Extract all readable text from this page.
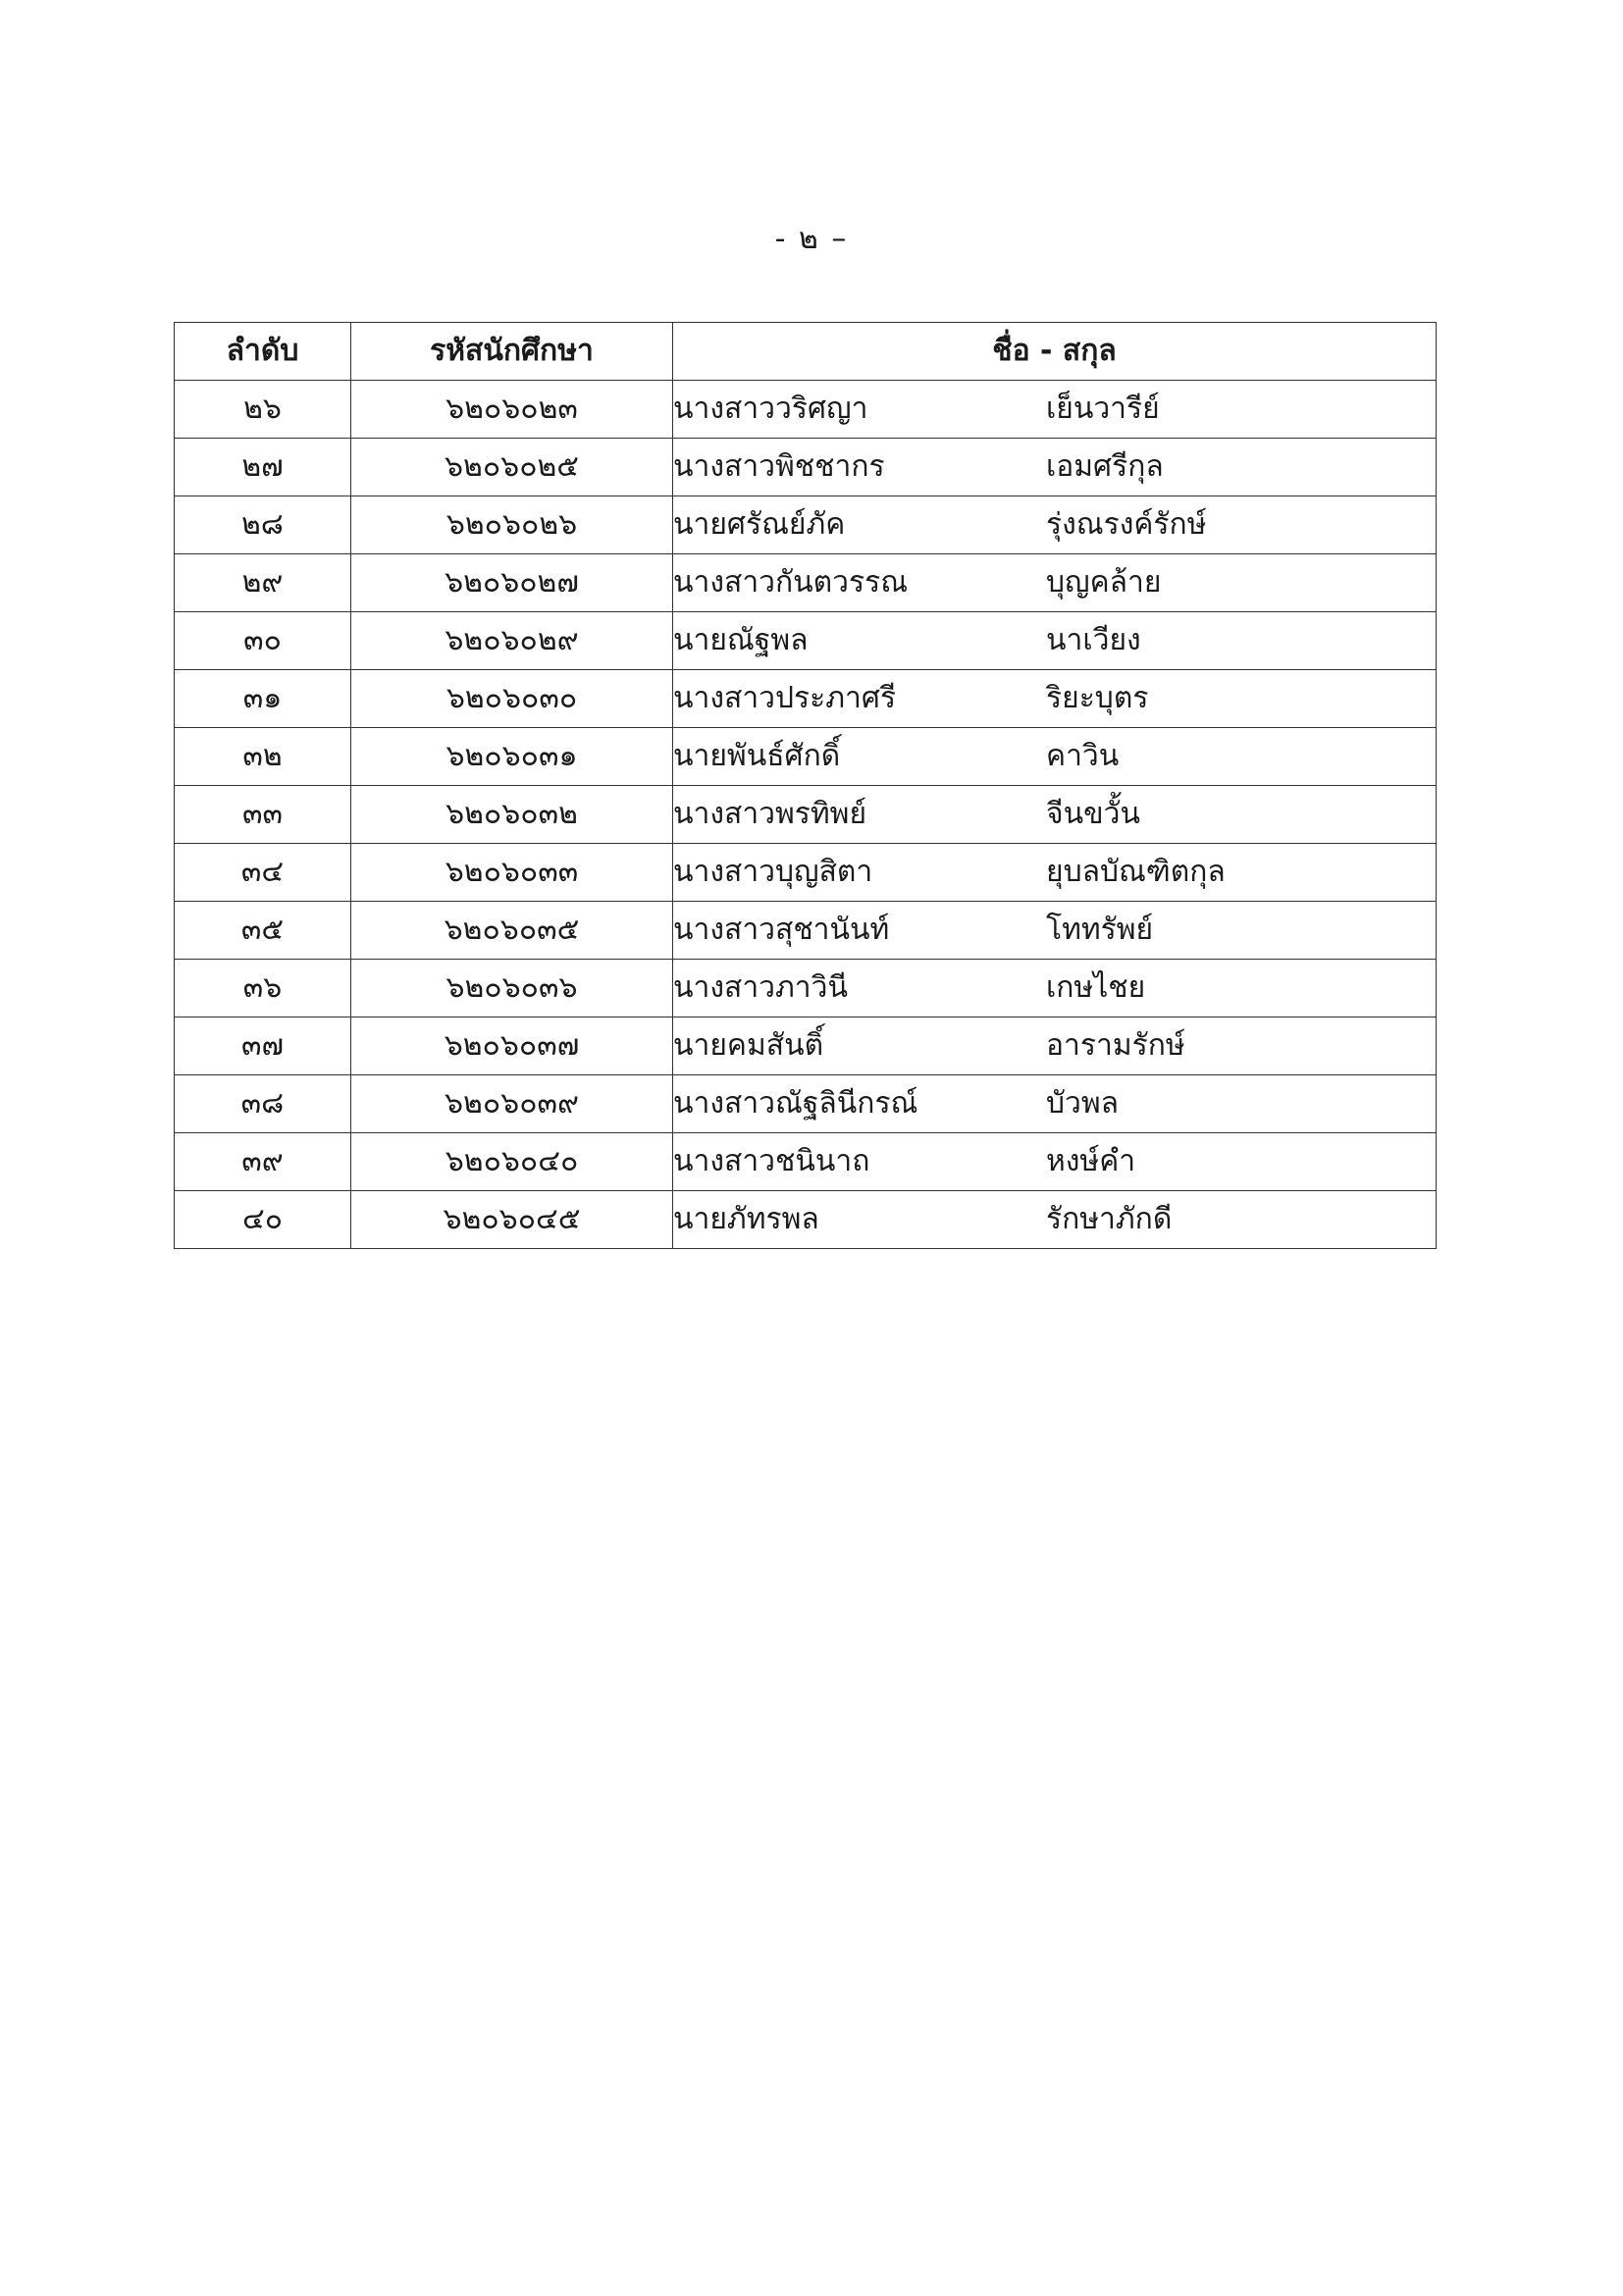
- ๒ –
ลำดับ	รหัสนักศึกษา	ชื่อ - สกุล
๒๖	๖๒๐๖๐๒๓	นางสาววริศญา เย็นวารีย์
๒๗	๖๒๐๖๐๒๕	นางสาวพิชชากร เอมศรีกุล
๒๘	๖๒๐๖๐๒๖	นายศรัณย์ภัค รุ่งณรงค์รักษ์
๒๙	๖๒๐๖๐๒๗	นางสาวกันตวรรณ บุญคล้าย
๓๐	๖๒๐๖๐๒๙	นายณัฐพล นาเวียง
๓๑	๖๒๐๖๐๓๐	นางสาวประภาศรี ริยะบุตร
๓๒	๖๒๐๖๐๓๑	นายพันธ์ศักดิ์ คาวิน
๓๓	๖๒๐๖๐๓๒	นางสาวพรทิพย์ จีนขวั้น
๓๔	๖๒๐๖๐๓๓	นางสาวบุญสิตา ยุบลบัณฑิตกุล
๓๕	๖๒๐๖๐๓๕	นางสาวสุชานันท์ โททรัพย์
๓๖	๖๒๐๖๐๓๖	นางสาวภาวินี เกษไชย
๓๗	๖๒๐๖๐๓๗	นายคมสันติ์ อารามรักษ์
๓๘	๖๒๐๖๐๓๙	นางสาวณัฐลินีกรณ์ บัวพล
๓๙	๖๒๐๖๐๔๐	นางสาวชนินาถ หงษ์คำ
๔๐	๖๒๐๖๐๔๕	นายภัทรพล รักษาภักดี
